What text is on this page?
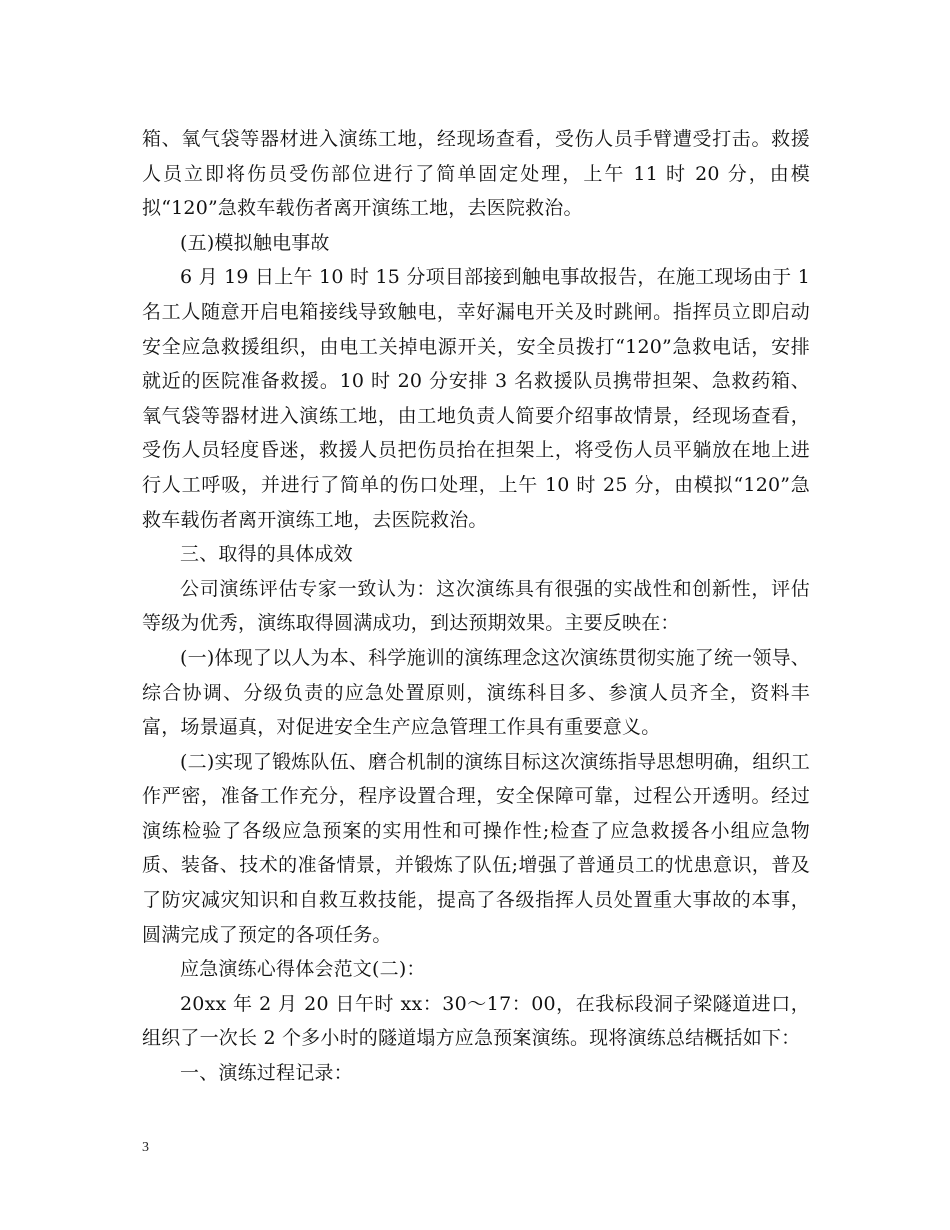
箱、氧气袋等器材进入演练工地，经现场查看，受伤人员手臂遭受打击。救援人员立即将伤员受伤部位进行了简单固定处理，上午 11 时 20 分，由模拟“120”急救车载伤者离开演练工地，去医院救治。

(五)模拟触电事故

6 月 19 日上午 10 时 15 分项目部接到触电事故报告，在施工现场由于 1 名工人随意开启电箱接线导致触电，幸好漏电开关及时跳闸。指挥员立即启动安全应急救援组织，由电工关掉电源开关，安全员拨打“120”急救电话，安排就近的医院准备救援。10 时 20 分安排 3 名救援队员携带担架、急救药箱、氧气袋等器材进入演练工地，由工地负责人简要介绍事故情景，经现场查看，受伤人员轻度昏迷，救援人员把伤员抬在担架上，将受伤人员平躺放在地上进行人工呼吸，并进行了简单的伤口处理，上午 10 时 25 分，由模拟“120”急救车载伤者离开演练工地，去医院救治。

三、取得的具体成效

公司演练评估专家一致认为：这次演练具有很强的实战性和创新性，评估等级为优秀，演练取得圆满成功，到达预期效果。主要反映在：

(一)体现了以人为本、科学施训的演练理念这次演练贯彻实施了统一领导、综合协调、分级负责的应急处置原则，演练科目多、参演人员齐全，资料丰富，场景逼真，对促进安全生产应急管理工作具有重要意义。

(二)实现了锻炼队伍、磨合机制的演练目标这次演练指导思想明确，组织工作严密，准备工作充分，程序设置合理，安全保障可靠，过程公开透明。经过演练检验了各级应急预案的实用性和可操作性;检查了应急救援各小组应急物质、装备、技术的准备情景，并锻炼了队伍;增强了普通员工的忧患意识，普及了防灾减灾知识和自救互救技能，提高了各级指挥人员处置重大事故的本事，圆满完成了预定的各项任务。

应急演练心得体会范文(二)：

20xx 年 2 月 20 日午时 xx：30～17：00，在我标段洞子梁隧道进口，组织了一次长 2 个多小时的隧道塌方应急预案演练。现将演练总结概括如下：

一、演练过程记录：

3
